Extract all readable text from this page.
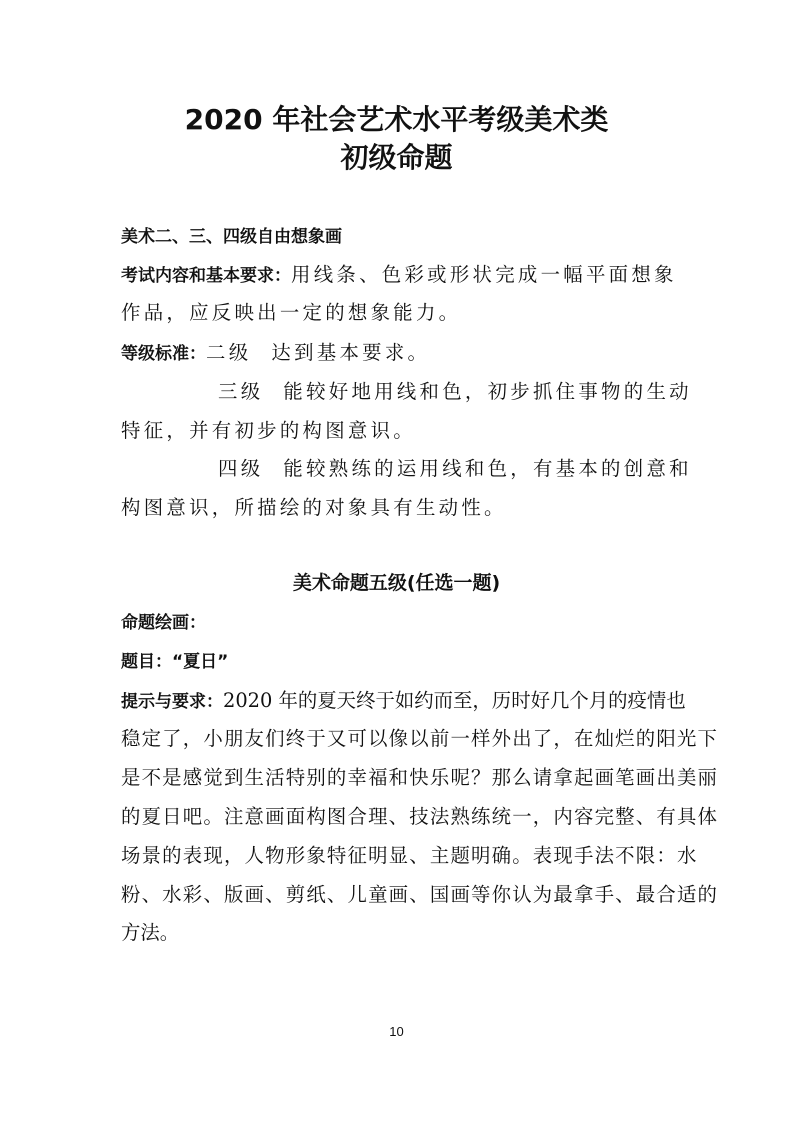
2020 年社会艺术水平考级美术类
初级命题
美术二、三、四级自由想象画
考试内容和基本要求：用线条、色彩或形状完成一幅平面想象
作品，应反映出一定的想象能力。
等级标准：二级 达到基本要求。
三级 能较好地用线和色，初步抓住事物的生动
特征，并有初步的构图意识。
四级 能较熟练的运用线和色，有基本的创意和
构图意识，所描绘的对象具有生动性。
美术命题五级(任选一题)
命题绘画：
题目：“夏日”
提示与要求：2020 年的夏天终于如约而至，历时好几个月的疫情也
稳定了，小朋友们终于又可以像以前一样外出了，在灿烂的阳光下
是不是感觉到生活特别的幸福和快乐呢？那么请拿起画笔画出美丽
的夏日吧。注意画面构图合理、技法熟练统一，内容完整、有具体
场景的表现，人物形象特征明显、主题明确。表现手法不限：水
粉、水彩、版画、剪纸、儿童画、国画等你认为最拿手、最合适的
方法。
10
